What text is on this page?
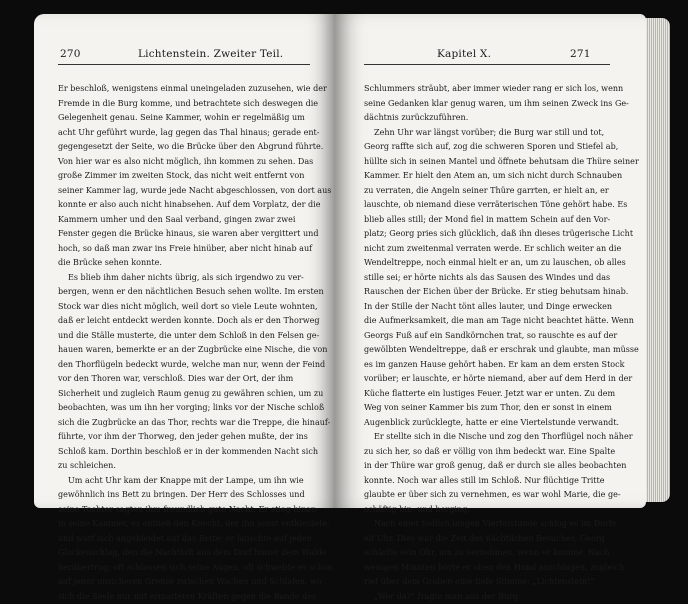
270	Lichtenstein. Zweiter Teil.
Er beschloß, wenigstens einmal uneingeladen zuzusehen, wie der
Fremde in die Burg komme, und betrachtete sich deswegen die
Gelegenheit genau. Seine Kammer, wohin er regelmäßig um
acht Uhr geführt wurde, lag gegen das Thal hinaus; gerade ent-
gegengesetzt der Seite, wo die Brücke über den Abgrund führte.
Von hier war es also nicht möglich, ihn kommen zu sehen. Das
große Zimmer im zweiten Stock, das nicht weit entfernt von
seiner Kammer lag, wurde jede Nacht abgeschlossen, von dort aus
konnte er also auch nicht hinabsehen. Auf dem Vorplatz, der die
Kammern umher und den Saal verband, gingen zwar zwei
Fenster gegen die Brücke hinaus, sie waren aber vergittert und
hoch, so daß man zwar ins Freie hinüber, aber nicht hinab auf
die Brücke sehen konnte.
Es blieb ihm daher nichts übrig, als sich irgendwo zu ver-
bergen, wenn er den nächtlichen Besuch sehen wollte. Im ersten
Stock war dies nicht möglich, weil dort so viele Leute wohnten,
daß er leicht entdeckt werden konnte. Doch als er den Thorweg
und die Ställe musterte, die unter dem Schloß in den Felsen ge-
hauen waren, bemerkte er an der Zugbrücke eine Nische, die von
den Thorflügeln bedeckt wurde, welche man nur, wenn der Feind
vor den Thoren war, verschloß. Dies war der Ort, der ihm
Sicherheit und zugleich Raum genug zu gewähren schien, um zu
beobachten, was um ihn her vorging; links vor der Nische schloß
sich die Zugbrücke an das Thor, rechts war die Treppe, die hinauf-
führte, vor ihm der Thorweg, den jeder gehen mußte, der ins
Schloß kam. Dorthin beschloß er in der kommenden Nacht sich
zu schleichen.
Um acht Uhr kam der Knappe mit der Lampe, um ihn wie
gewöhnlich ins Bett zu bringen. Der Herr des Schlosses und
seine Tochter sagten ihm freundlich gute Nacht. Er stieg hinan
in seine Kammer, es entließ den Knecht, der ihn sonst entkleidete,
und warf sich angekleidet auf das Bette; er lauschte auf jeden
Glockenschlag, den die Nachtluft aus dem Dorf hinter dem Walde
herübertrug; oft schlossen sich seine Augen, oft schwebte er schon
auf jener unsicheren Grenze zwischen Wachen und Schlafen, wo
sich die Seele nur mit ermatteten Kräften gegen die Bande des
Kapitel X.	271
Schlummers sträubt, aber immer wieder rang er sich los, wenn
seine Gedanken klar genug waren, um ihm seinen Zweck ins Ge-
dächtnis zurückzuführen.
Zehn Uhr war längst vorüber; die Burg war still und tot,
Georg raffte sich auf, zog die schweren Sporen und Stiefel ab,
hüllte sich in seinen Mantel und öffnete behutsam die Thüre seiner
Kammer. Er hielt den Atem an, um sich nicht durch Schnauben
zu verraten, die Angeln seiner Thüre garrten, er hielt an, er
lauschte, ob niemand diese verräterischen Töne gehört habe. Es
blieb alles still; der Mond fiel in mattem Schein auf den Vor-
platz; Georg pries sich glücklich, daß ihn dieses trügerische Licht
nicht zum zweitenmal verraten werde. Er schlich weiter an die
Wendeltreppe, noch einmal hielt er an, um zu lauschen, ob alles
stille sei; er hörte nichts als das Sausen des Windes und das
Rauschen der Eichen über der Brücke. Er stieg behutsam hinab.
In der Stille der Nacht tönt alles lauter, und Dinge erwecken
die Aufmerksamkeit, die man am Tage nicht beachtet hätte. Wenn
Georgs Fuß auf ein Sandkörnchen trat, so rauschte es auf der
gewölbten Wendeltreppe, daß er erschrak und glaubte, man müsse
es im ganzen Hause gehört haben. Er kam an dem ersten Stock
vorüber; er lauschte, er hörte niemand, aber auf dem Herd in der
Küche flatterte ein lustiges Feuer. Jetzt war er unten. Zu dem
Weg von seiner Kammer bis zum Thor, den er sonst in einem
Augenblick zurücklegte, hatte er eine Viertelstunde verwandt.
Er stellte sich in die Nische und zog den Thorflügel noch näher
zu sich her, so daß er völlig von ihm bedeckt war. Eine Spalte
in der Thüre war groß genug, daß er durch sie alles beobachten
konnte. Noch war alles still im Schloß. Nur flüchtige Tritte
glaubte er über sich zu vernehmen, es war wohl Marie, die ge-
schäftig hin- und herging.
Nach einer tödlich langen Viertelstunde schlug es im Dorfe
elf Uhr. Dies war die Zeit des nächtlichen Besuches; Georg
schärfte sein Ohr, um zu vernehmen, wenn er komme. Nach
wenigen Minuten hörte er oben den Hund anschlagen, zugleich
rief über dem Graben eine tiefe Stimme: „Lichtenstein!“
„Wer da?“ fragte man aus der Burg.
